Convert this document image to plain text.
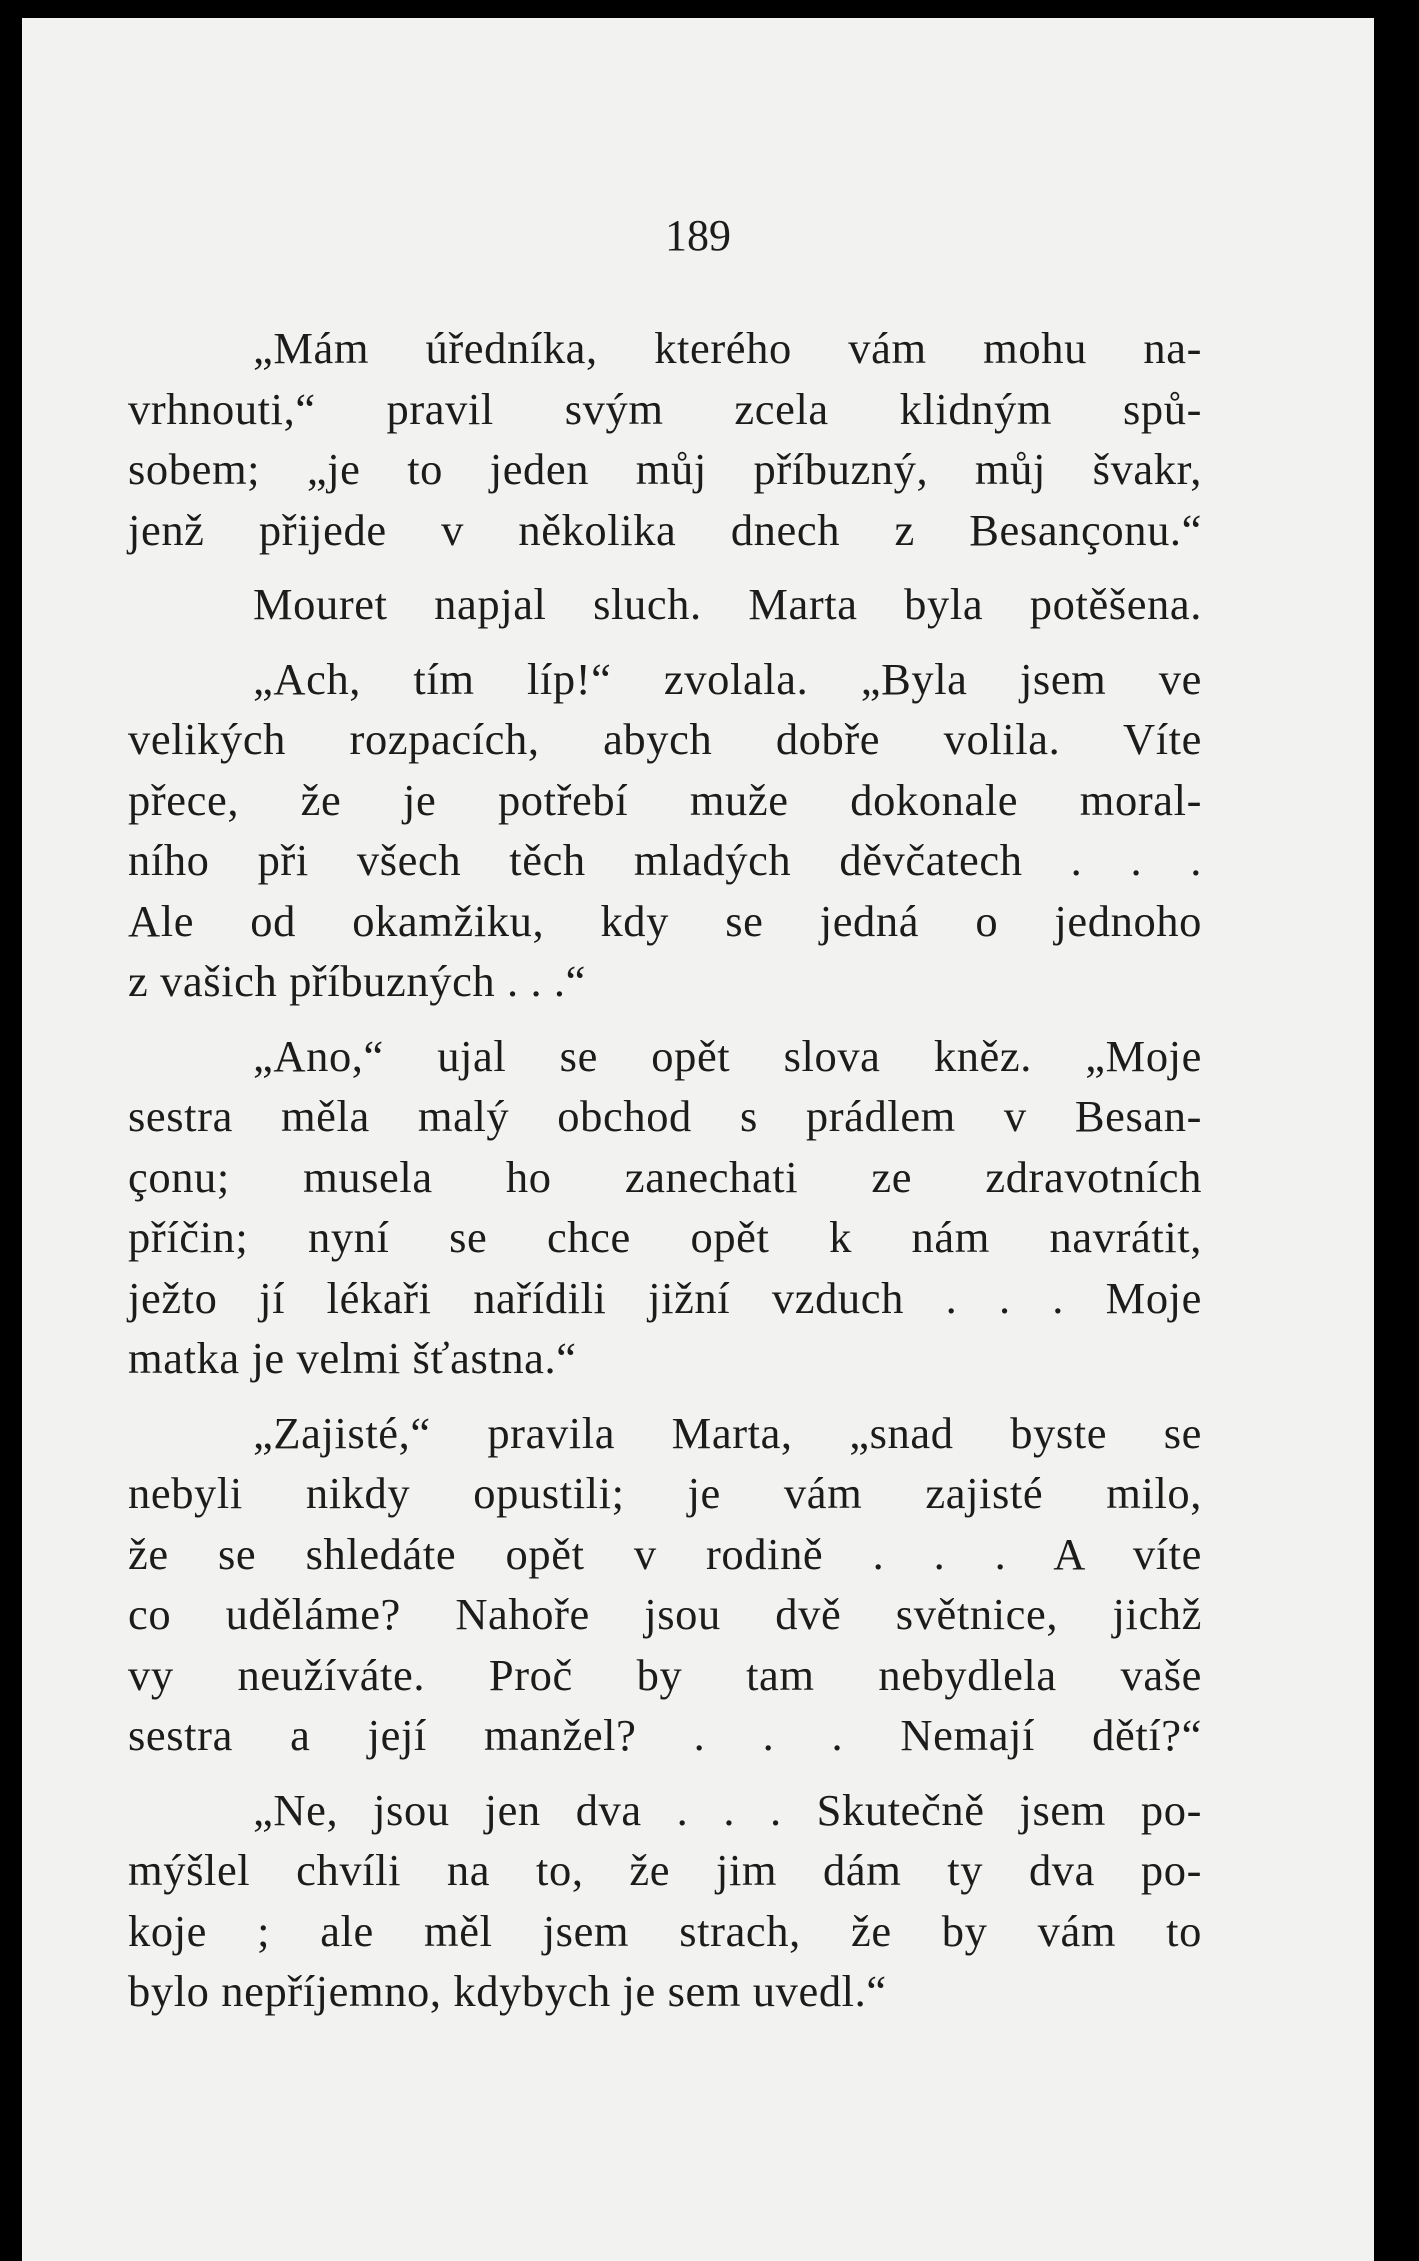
189

„Mám úředníka, kterého vám mohu na-
vrhnouti,“ pravil svým zcela klidným spů-
sobem; „je to jeden můj příbuzný, můj švakr,
jenž přijede v několika dnech z Besançonu.“
Mouret napjal sluch. Marta byla potěšena.
„Ach, tím líp!“ zvolala. „Byla jsem ve
velikých rozpacích, abych dobře volila. Víte
přece, že je potřebí muže dokonale moral-
ního při všech těch mladých děvčatech . . .
Ale od okamžiku, kdy se jedná o jednoho
z vašich příbuzných . . .“
„Ano,“ ujal se opět slova kněz. „Moje
sestra měla malý obchod s prádlem v Besan-
çonu; musela ho zanechati ze zdravotních
příčin; nyní se chce opět k nám navrátit,
ježto jí lékaři nařídili jižní vzduch . . . Moje
matka je velmi šťastna.“
„Zajisté,“ pravila Marta, „snad byste se
nebyli nikdy opustili; je vám zajisté milo,
že se shledáte opět v rodině . . . A víte
co uděláme? Nahoře jsou dvě světnice, jichž
vy neužíváte. Proč by tam nebydlela vaše
sestra a její manžel? . . . Nemají dětí?“
„Ne, jsou jen dva . . . Skutečně jsem po-
mýšlel chvíli na to, že jim dám ty dva po-
koje ; ale měl jsem strach, že by vám to
bylo nepříjemno, kdybych je sem uvedl.“
